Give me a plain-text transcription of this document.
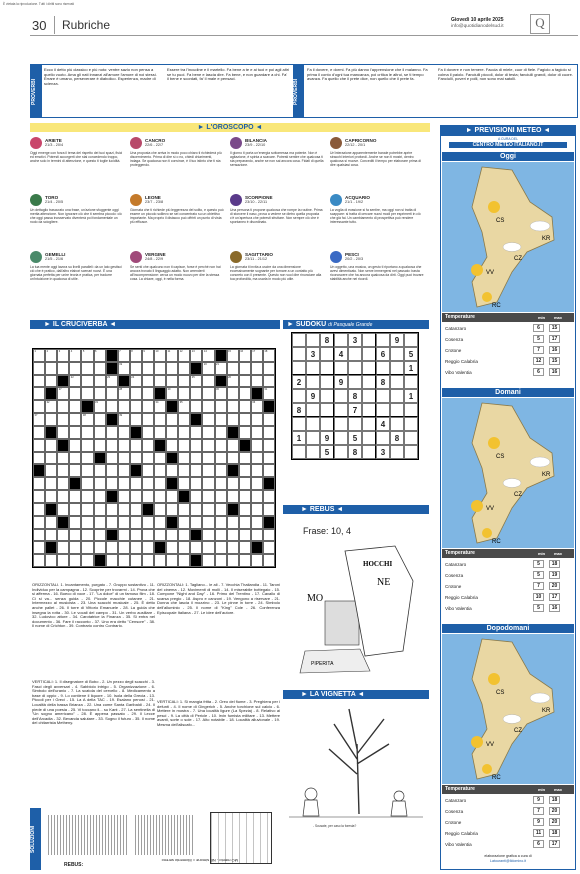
È vietata la riproduzione. Tutti i diritti sono riservati
30 Rubriche	Giovedì 10 aprile 2025
info@quotidianodelsud.it	Q
PROVERBI
Ecco il detto più classico e più noto: ventre sazio non pensa a quello vuoto. Ama gli nati innanzi all'amore l'amore di noi stessi. Errare è umano, perseverare è diabolico. Esperienza, madre di scienza.
Essere tra l'incudine e il martello. Fa bene a te e ai tuoi e poi agli altri se tu puoi. Fa bene e lascia dire. Fa bene, e non guardare a chi. Fa' il bene e scordati, fa' il male e pensaci.	PROVERBI
Fa il dovere, e dormi. Fa più danno l'apprensione che il malanno. Fa prima il conto d'ogni tua mancanza, poi critica le altrui, se ti tempo avanza. Fa quello che il prete dice, non quello che il prete fa.
Fa il dovere e non temere. Faccia di miele, cuor di fiele. Fagiolo a fagiolo si colma il paiolo. Fanciulli piccoli, dolor di testa; fanciulli grandi, dolor di cuore. Fanciulli, poveri e polli, non sono mai satolli.
► L'OROSCOPO ◄
ARIETE
21/3 - 20/4
Oggi emerge con forza il tema del rispetto dei tuoi spazi, fisici ed emotivi. Potresti accorgerti che stai concedendo troppo, anche solo in termini di attenzione, e questo ti toglie lucidità.
CANCRO
22/6 - 22/7
Una proposta che arriva in modo poco chiaro ti richiederà più discernimento. Prima di dire sì o no, chiedi chiarimenti, indaga. Se qualcosa non ti convince, è il tuo istinto che ti sta proteggendo.
BILANCIA
23/9 - 22/10
Il giorno ti porta un'energia sottomessa ma potente. Non è agitazione, è spinta a scavare. Potresti sentire che qualcosa ti sta preparando, anche se non sai ancora cosa. Fidati di quella sensazione.
CAPRICORNO
22/12 - 20/1
Un'interazione apparentemente banale potrebbe aprire stracchi interiori profondi. Anche se non ti mostri, dentro qualcosa si muove. Concediti il tempo per elaborare prima di dire qualsiasi cosa.
TORO
21/4 - 20/5
Un dettaglio trascurato una frase, un'azione sfuggente oggi merita attenzione. Non ignorare ciò che ti sembra piccolo: ciò che oggi passa inosservato diventerà poi fondamentale un nodo da sciogliere.
LEONE
23/7 - 23/8
Giornata che ti richiede più leggerezza del solito, e questo può essere un piccolo sollievo se sei concentrato su un obiettivo importante. Ma proprio il distacco può offrirti un punto di vista più efficace.
SCORPIONE
23/10 - 22/11
Una persona ti propone qualcosa che rompe la routine. Prima di storcere il naso, prova a vedere se dietro quella proposta c'è un'apertura che potresti sfruttare. Non sempre ciò che è spontaneo è disordinato.
ACQUARIO
21/1 - 19/2
La voglia di evasione si fa sentire, ma oggi non si tratta di scappare: si tratta di cercare nuovi modi per esprimerti in ciò che già fai. Un cambiamento di prospettiva può rendere interessante tutto.
GEMELLI
21/5 - 21/6
La tua mente oggi lavora su livelli paralleli: da un lato gestisci ciò che è pratico, dall'altro elabori scenari nuovi. È una giornata perfetta per unire teoria e pratica, per tradurre un'intuizione in qualcosa di utile.
VERGINE
24/8 - 22/9
Se senti che qualcuno non ti capisce, forse è perché non hai ancora trovato il linguaggio adatto. Non arrenderti all'incomprensione: cerca un modo nuovo per dire la stessa cosa. La chiave, oggi, è nella forma.
SAGITTARIO
23/11 - 21/12
La giornata ti invita a uscire da una dimensione eccessivamente sognante per tornare a un contatto più concreto con il presente. Questo non vuol dire rinunciare alla tua profondità, ma usarla in modo più utile.
PESCI
20/2 - 20/3
Un oggetto, una musica, un gesto ti riportano a qualcosa che avevi dimenticato. Non serve immergersi nel passato: basta riconoscere che ha ancora qualcosa da dirti. Oggi puoi trovare stabilità anche nei ricordi.
► IL CRUCIVERBA ◄
1	2	3	4	5	6	7	8	9	10	11	12	13	14	15	16	17	18
19	20	21
22	23	24	25	26
27	28	29	30	31
32	33	34	35	36
37	38	39
ORIZZONTALI. 1. Incantamento, purgato - 7. Gruppo sostantivo - 11. Individuo per la campagna - 12. Scoprire per trovarmi - 14. Prova che si afferma - 16. Boeco di voce - 17. "La dolce" di un famoso film - 18. Ci si va... senza guida - 20. Piccole macchie cutanee - 21. Intermezzo al musicista - 23. Una scacchi musicale - 25. È detto anche pallet - 26. Il torre di Vittorio Emanuele - 28. La guida che insegna la rotta - 30. Le vocali del campo - 31. Un verbo ausiliare - 32. Ludovico attore - 34. Carotatrice la Finanza - 35. Si entra nel documento - 36. Fare il racconto - 37. Uno era detto "Censore" - 38. Il nome di Crichton - 39. Contrario contro Contrario.
ORIZZONTALI: 1. Tagliano... le ali - 7. Vecchia Thailandia - 11. Taroni del cinema - 12. Movimenti di molli - 14. Il miserabile bottegaio - 15. Compone "Night and Day" - 16. Primo del Trentino - 17. Cavallo di scarsa pregio - 18. Aspro e canzoni - 19. Vengono a riservare - 21. Donna che lascia il mozzino - 23. Le pinne in torre - 24. Simbolo dell'alluminio - 25. Il nome di "King" Cole - 26. Conferenza Episcopale Italiana - 27. Le idee dell'autore.
VERTICALI: 1. Il disegnatore di Bobo - 2. Un pezzo degli scacchi - 3. Fasci degli avversari - 4. Sabbiolo intrigo - 5. Organizzazione - 6. Simbolo dell'uranio - 7. La scatola del cervello - 8. Medicamento a base di oppio - 9. Lo contiene il liquore - 10. Isola della Grecia - 13. Piccoli per i Greci - 15. La A della TAC - 19. Esalano penosi - 21. Località della bassa Brianza - 22. Una come Santa Garibaldi - 24. Il piede di una poesia - 25. Vi toccano il... su Kant - 27. La sentinella di "Un sogno americano" - 28. È appena passato - 29. Il Lecce dell'Arcadia - 32. Bevanda salutare - 33. Sogno il futuro - 35. Il nome del chitarrista Metheny.
VERTICALI: 1. Si mangia fritta - 2. Oreo del fiume - 3. Preghiera per i defunti - 4. Il nome di Gingerich - 5. Anche torchione sul calcio - 6. Mettere in mostra - 7. Una località ligure (La Spezia) - 8. Relativo ai pesci - 9. La città di Pericle - 10. Irvin fumista militare - 13. Mettere avanti, sorte o sole - 17. Alto notabile - 18. Località alluvionale - 19. Mesma dell'aliscafo...
► SUDOKU di Pasquale Grande
8	3	9
3	4	6	5
1
2	9	8
9	8	1
8	7
4
1	9	5	8
5	8	3
► REBUS ◄
Frase: 10, 4
MO
HOCCHI
NE
PIPERITA
► LA VIGNETTA ◄
- Scusate, per caso la foresta?
SOLUZIONI
REBUS:
MO mento - NE simone = Momento sereno
► PREVISIONI METEO ◄
A CURA DEL
CENTRO METEO ITALIANO.IT
Oggi
CS
KR
CZ
VV
RC
Temperature	min max
Catanzaro	6	15
Cosenza	5	17
Crotone	7	16
Reggio Calabria	12	15
Vibo Valentia	6	16
Domani
CS
KR
CZ
VV
RC
Temperature	min max
Catanzaro	5	18
Cosenza	5	19
Crotone	7	20
Reggio Calabria	10	17
Vibo Valentia	5	16
Dopodomani
CS
KR
CZ
VV
RC
Temperature	min max
Catanzaro	9	18
Cosenza	7	20
Crotone	9	20
Reggio Calabria	11	18
Vibo Valentia	6	17
elaborazione grafica a cura di
Latouranti@Ildomino.it
